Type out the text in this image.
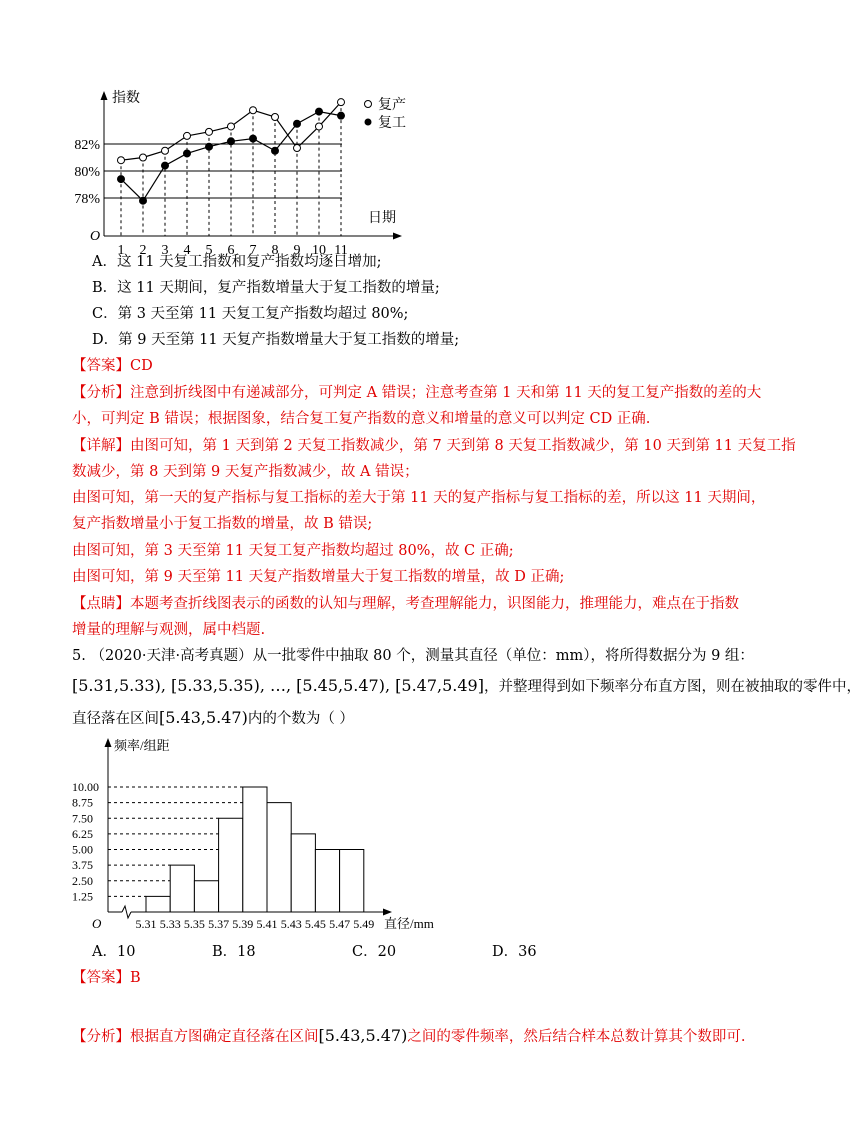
82%
80%
78%
1 2 3 4 5 6 7 8 9 10 11
指数
日期
O
复产
复工
A．这 11 天复工指数和复产指数均逐日增加;
B．这 11 天期间，复产指数增量大于复工指数的增量;
C．第 3 天至第 11 天复工复产指数均超过 80%;
D．第 9 天至第 11 天复产指数增量大于复工指数的增量;
【答案】CD
【分析】注意到折线图中有递减部分，可判定 A 错误；注意考查第 1 天和第 11 天的复工复产指数的差的大
小，可判定 B 错误；根据图象，结合复工复产指数的意义和增量的意义可以判定 CD 正确.
【详解】由图可知，第 1 天到第 2 天复工指数减少，第 7 天到第 8 天复工指数减少，第 10 天到第 11 天复工指
数减少，第 8 天到第 9 天复产指数减少，故 A 错误；
由图可知，第一天的复产指标与复工指标的差大于第 11 天的复产指标与复工指标的差，所以这 11 天期间，
复产指数增量小于复工指数的增量，故 B 错误;
由图可知，第 3 天至第 11 天复工复产指数均超过 80%，故 C 正确;
由图可知，第 9 天至第 11 天复产指数增量大于复工指数的增量，故 D 正确;
【点睛】本题考查折线图表示的函数的认知与理解，考查理解能力，识图能力，推理能力，难点在于指数
增量的理解与观测，属中档题.
5. （2020·天津·高考真题）从一批零件中抽取 80 个，测量其直径（单位：mm），将所得数据分为 9 组：
[5.31,5.33), [5.33,5.35), …, [5.45,5.47), [5.47,5.49]，并整理得到如下频率分布直方图，则在被抽取的零件中，
直径落在区间[5.43,5.47)内的个数为（ ）
10.00
8.75
7.50
6.25
5.00
3.75
2.50
1.25
5.31 5.33 5.35 5.37 5.39 5.41 5.43 5.45 5.47 5.49
频率/组距
直径/mm
O
A．10	B．18	C．20	D．36
【答案】B
【分析】根据直方图确定直径落在区间[5.43,5.47)之间的零件频率，然后结合样本总数计算其个数即可.
